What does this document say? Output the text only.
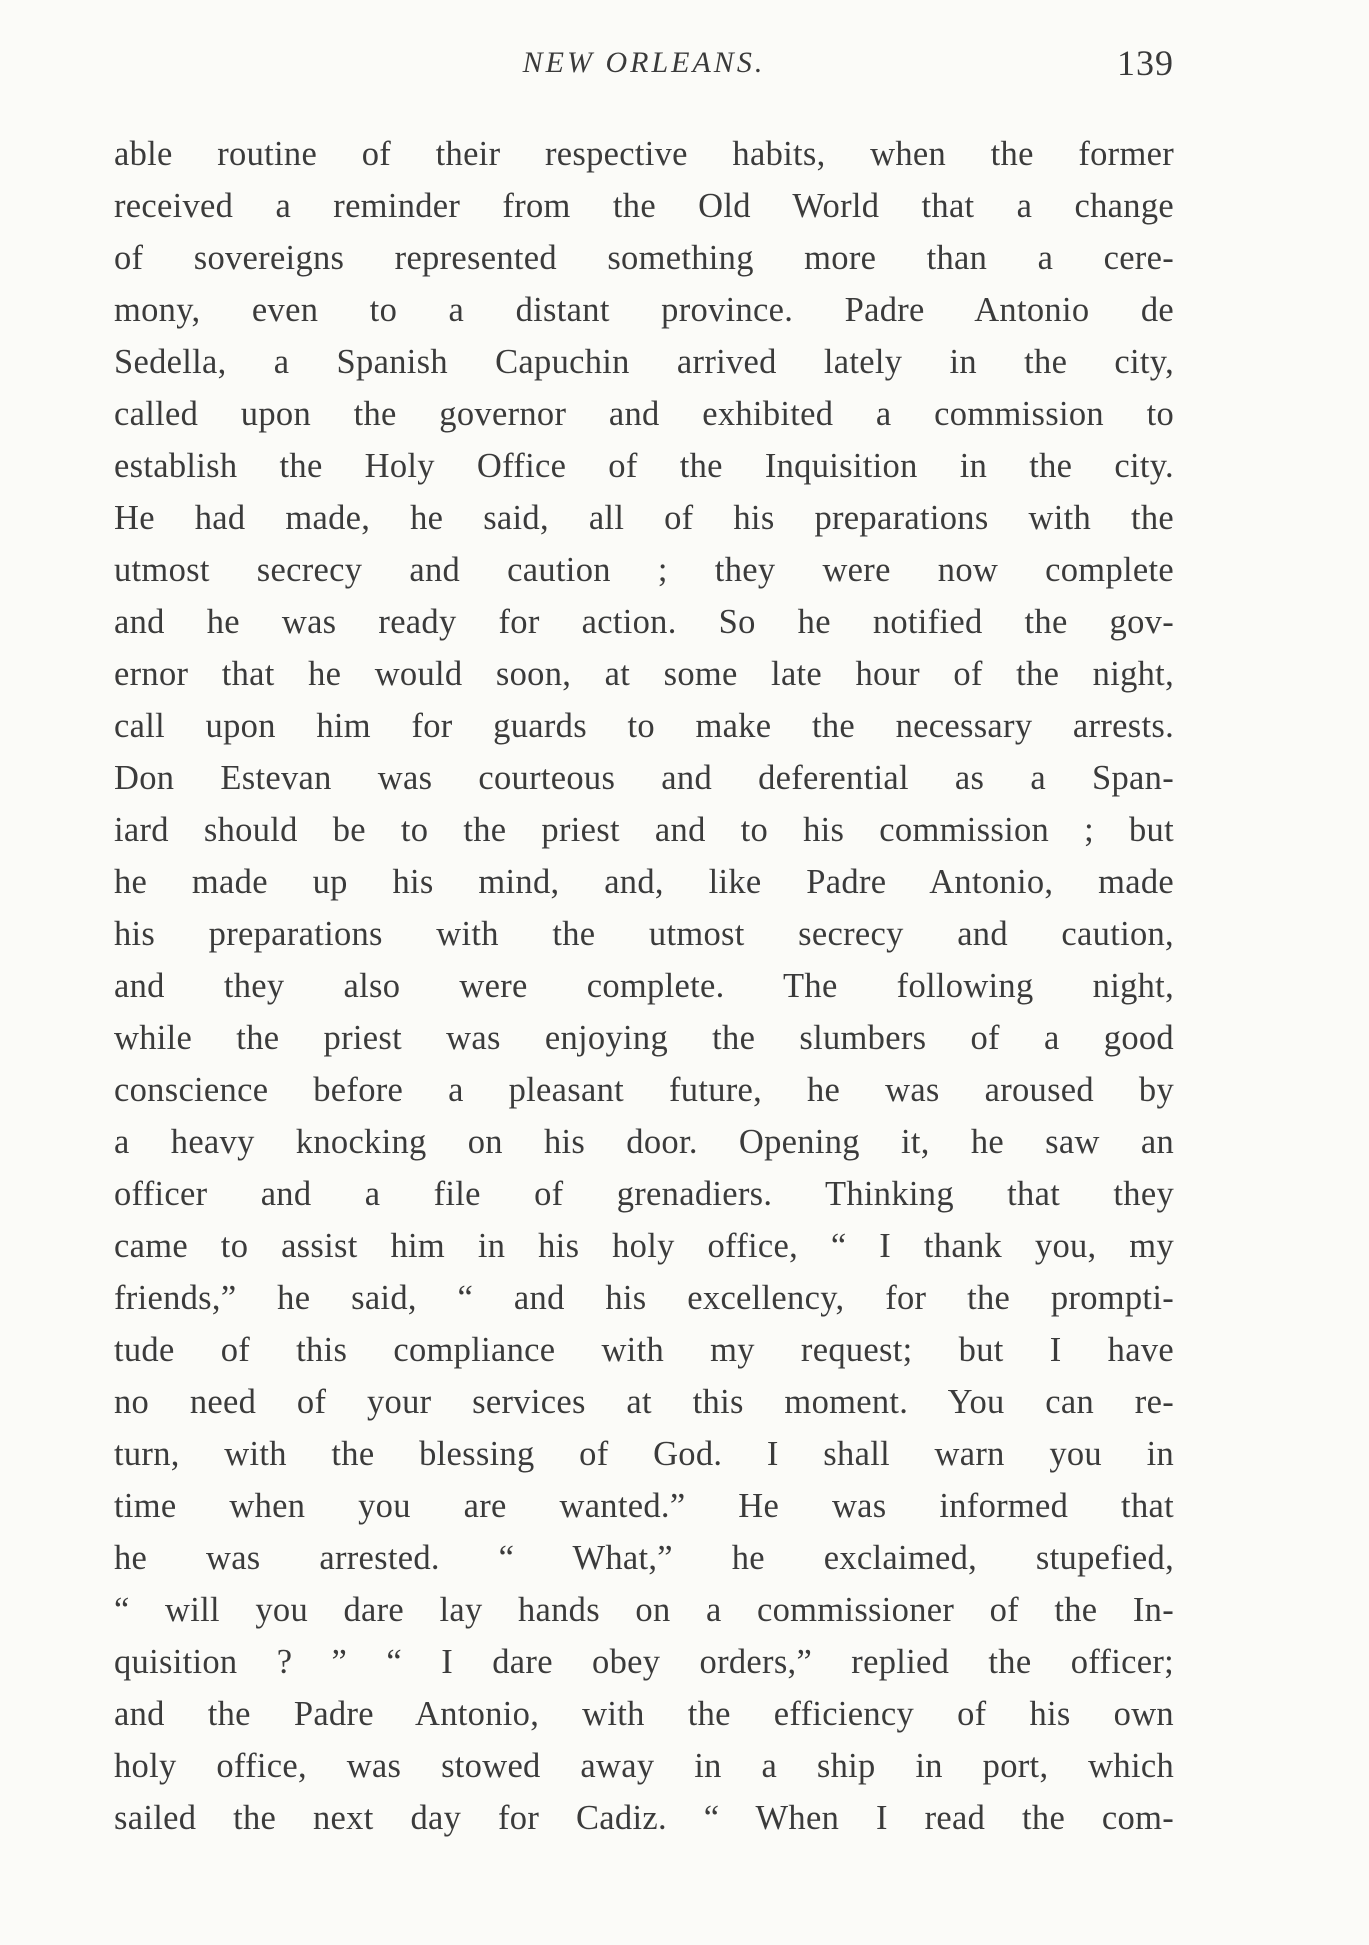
NEW ORLEANS.	139
able routine of their respective habits, when the former
received a reminder from the Old World that a change
of sovereigns represented something more than a cere-
mony, even to a distant province. Padre Antonio de
Sedella, a Spanish Capuchin arrived lately in the city,
called upon the governor and exhibited a commission to
establish the Holy Office of the Inquisition in the city.
He had made, he said, all of his preparations with the
utmost secrecy and caution ; they were now complete
and he was ready for action. So he notified the gov-
ernor that he would soon, at some late hour of the night,
call upon him for guards to make the necessary arrests.
Don Estevan was courteous and deferential as a Span-
iard should be to the priest and to his commission ; but
he made up his mind, and, like Padre Antonio, made
his preparations with the utmost secrecy and caution,
and they also were complete. The following night,
while the priest was enjoying the slumbers of a good
conscience before a pleasant future, he was aroused by
a heavy knocking on his door. Opening it, he saw an
officer and a file of grenadiers. Thinking that they
came to assist him in his holy office, “ I thank you, my
friends,” he said, “ and his excellency, for the prompti-
tude of this compliance with my request; but I have
no need of your services at this moment. You can re-
turn, with the blessing of God. I shall warn you in
time when you are wanted.” He was informed that
he was arrested. “ What,” he exclaimed, stupefied,
“ will you dare lay hands on a commissioner of the In-
quisition ? ” “ I dare obey orders,” replied the officer;
and the Padre Antonio, with the efficiency of his own
holy office, was stowed away in a ship in port, which
sailed the next day for Cadiz. “ When I read the com-
